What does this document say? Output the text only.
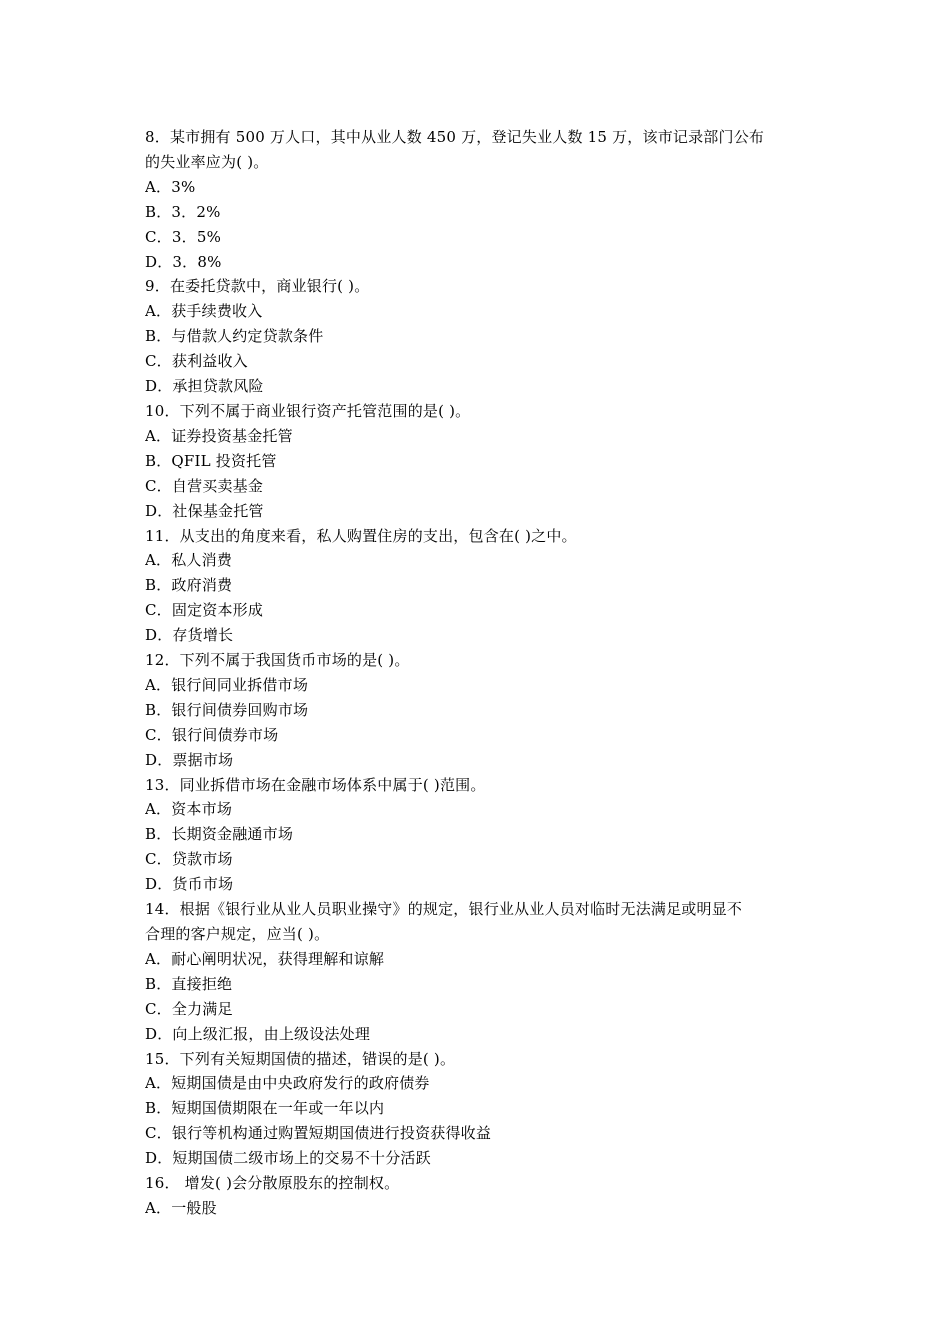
8．某市拥有 500 万人口，其中从业人数 450 万，登记失业人数 15 万，该市记录部门公布
的失业率应为( )。
A．3%
B．3．2%
C．3．5%
D．3．8%
9．在委托贷款中，商业银行( )。
A．获手续费收入
B．与借款人约定贷款条件
C．获利益收入
D．承担贷款风险
10．下列不属于商业银行资产托管范围的是( )。
A．证券投资基金托管
B．QFIL 投资托管
C．自营买卖基金
D．社保基金托管
11．从支出的角度来看，私人购置住房的支出，包含在( )之中。
A．私人消费
B．政府消费
C．固定资本形成
D．存货增长
12．下列不属于我国货币市场的是( )。
A．银行间同业拆借市场
B．银行间债券回购市场
C．银行间债券市场
D．票据市场
13．同业拆借市场在金融市场体系中属于( )范围。
A．资本市场
B．长期资金融通市场
C．贷款市场
D．货币市场
14．根据《银行业从业人员职业操守》的规定，银行业从业人员对临时无法满足或明显不
合理的客户规定，应当( )。
A．耐心阐明状况，获得理解和谅解
B．直接拒绝
C．全力满足
D．向上级汇报，由上级设法处理
15．下列有关短期国债的描述，错误的是( )。
A．短期国债是由中央政府发行的政府债券
B．短期国债期限在一年或一年以内
C．银行等机构通过购置短期国债进行投资获得收益
D．短期国债二级市场上的交易不十分活跃
16． 增发( )会分散原股东的控制权。
A．一般股
